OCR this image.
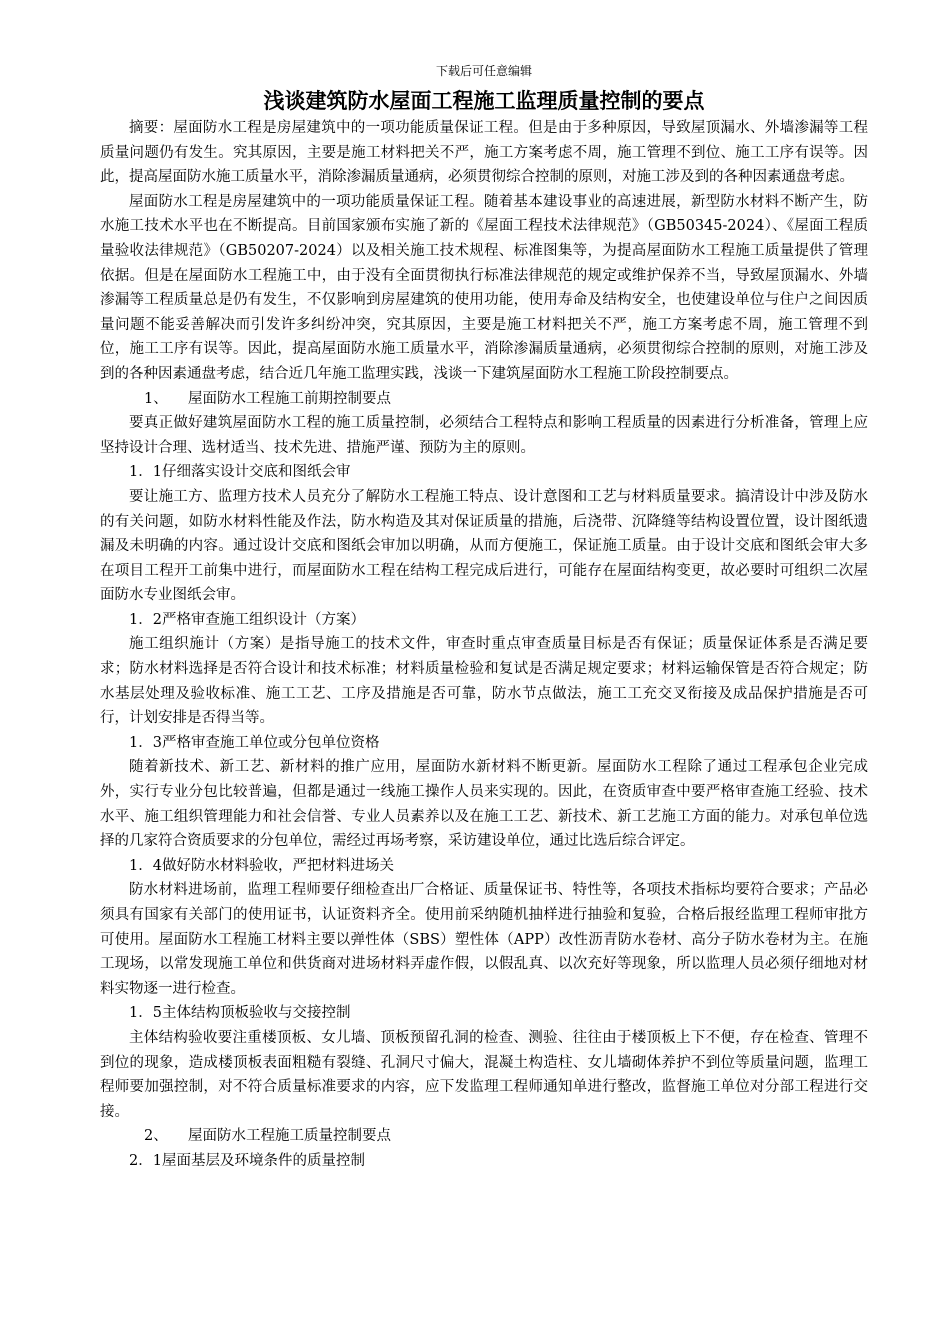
下载后可任意编辑

浅谈建筑防水屋面工程施工监理质量控制的要点

摘要：屋面防水工程是房屋建筑中的一项功能质量保证工程。但是由于多种原因，导致屋顶漏水、外墙渗漏等工程质量问题仍有发生。究其原因，主要是施工材料把关不严，施工方案考虑不周，施工管理不到位、施工工序有误等。因此，提高屋面防水施工质量水平，消除渗漏质量通病，必须贯彻综合控制的原则，对施工涉及到的各种因素通盘考虑。

屋面防水工程是房屋建筑中的一项功能质量保证工程。随着基本建设事业的高速进展，新型防水材料不断产生，防水施工技术水平也在不断提高。目前国家颁布实施了新的《屋面工程技术法律规范》（GB50345-2024）、《屋面工程质量验收法律规范》（GB50207-2024）以及相关施工技术规程、标准图集等，为提高屋面防水工程施工质量提供了管理依据。但是在屋面防水工程施工中，由于没有全面贯彻执行标准法律规范的规定或维护保养不当，导致屋顶漏水、外墙渗漏等工程质量总是仍有发生，不仅影响到房屋建筑的使用功能，使用寿命及结构安全，也使建设单位与住户之间因质量问题不能妥善解决而引发许多纠纷冲突，究其原因，主要是施工材料把关不严，施工方案考虑不周，施工管理不到位，施工工序有误等。因此，提高屋面防水施工质量水平，消除渗漏质量通病，必须贯彻综合控制的原则，对施工涉及到的各种因素通盘考虑，结合近几年施工监理实践，浅谈一下建筑屋面防水工程施工阶段控制要点。

1、 屋面防水工程施工前期控制要点

要真正做好建筑屋面防水工程的施工质量控制，必须结合工程特点和影响工程质量的因素进行分析准备，管理上应坚持设计合理、选材适当、技术先进、措施严谨、预防为主的原则。

1．1仔细落实设计交底和图纸会审

要让施工方、监理方技术人员充分了解防水工程施工特点、设计意图和工艺与材料质量要求。搞清设计中涉及防水的有关问题，如防水材料性能及作法，防水构造及其对保证质量的措施，后浇带、沉降缝等结构设置位置，设计图纸遗漏及未明确的内容。通过设计交底和图纸会审加以明确，从而方便施工，保证施工质量。由于设计交底和图纸会审大多在项目工程开工前集中进行，而屋面防水工程在结构工程完成后进行，可能存在屋面结构变更，故必要时可组织二次屋面防水专业图纸会审。

1．2严格审查施工组织设计（方案）

施工组织施计（方案）是指导施工的技术文件，审查时重点审查质量目标是否有保证；质量保证体系是否满足要求；防水材料选择是否符合设计和技术标准；材料质量检验和复试是否满足规定要求；材料运输保管是否符合规定；防水基层处理及验收标准、施工工艺、工序及措施是否可靠，防水节点做法，施工工充交叉衔接及成品保护措施是否可行，计划安排是否得当等。

1．3严格审查施工单位或分包单位资格

随着新技术、新工艺、新材料的推广应用，屋面防水新材料不断更新。屋面防水工程除了通过工程承包企业完成外，实行专业分包比较普遍，但都是通过一线施工操作人员来实现的。因此，在资质审查中要严格审查施工经验、技术水平、施工组织管理能力和社会信誉、专业人员素养以及在施工工艺、新技术、新工艺施工方面的能力。对承包单位选择的几家符合资质要求的分包单位，需经过再场考察，采访建设单位，通过比选后综合评定。

1．4做好防水材料验收，严把材料进场关

防水材料进场前，监理工程师要仔细检查出厂合格证、质量保证书、特性等，各项技术指标均要符合要求；产品必须具有国家有关部门的使用证书，认证资料齐全。使用前采纳随机抽样进行抽验和复验，合格后报经监理工程师审批方可使用。屋面防水工程施工材料主要以弹性体（SBS）塑性体（APP）改性沥青防水卷材、高分子防水卷材为主。在施工现场，以常发现施工单位和供货商对进场材料弄虚作假，以假乱真、以次充好等现象，所以监理人员必须仔细地对材料实物逐一进行检查。

1．5主体结构顶板验收与交接控制

主体结构验收要注重楼顶板、女儿墙、顶板预留孔洞的检查、测验、往往由于楼顶板上下不便，存在检查、管理不到位的现象，造成楼顶板表面粗糙有裂缝、孔洞尺寸偏大，混凝土构造柱、女儿墙砌体养护不到位等质量问题，监理工程师要加强控制，对不符合质量标准要求的内容，应下发监理工程师通知单进行整改，监督施工单位对分部工程进行交接。

2、 屋面防水工程施工质量控制要点

2．1屋面基层及环境条件的质量控制
